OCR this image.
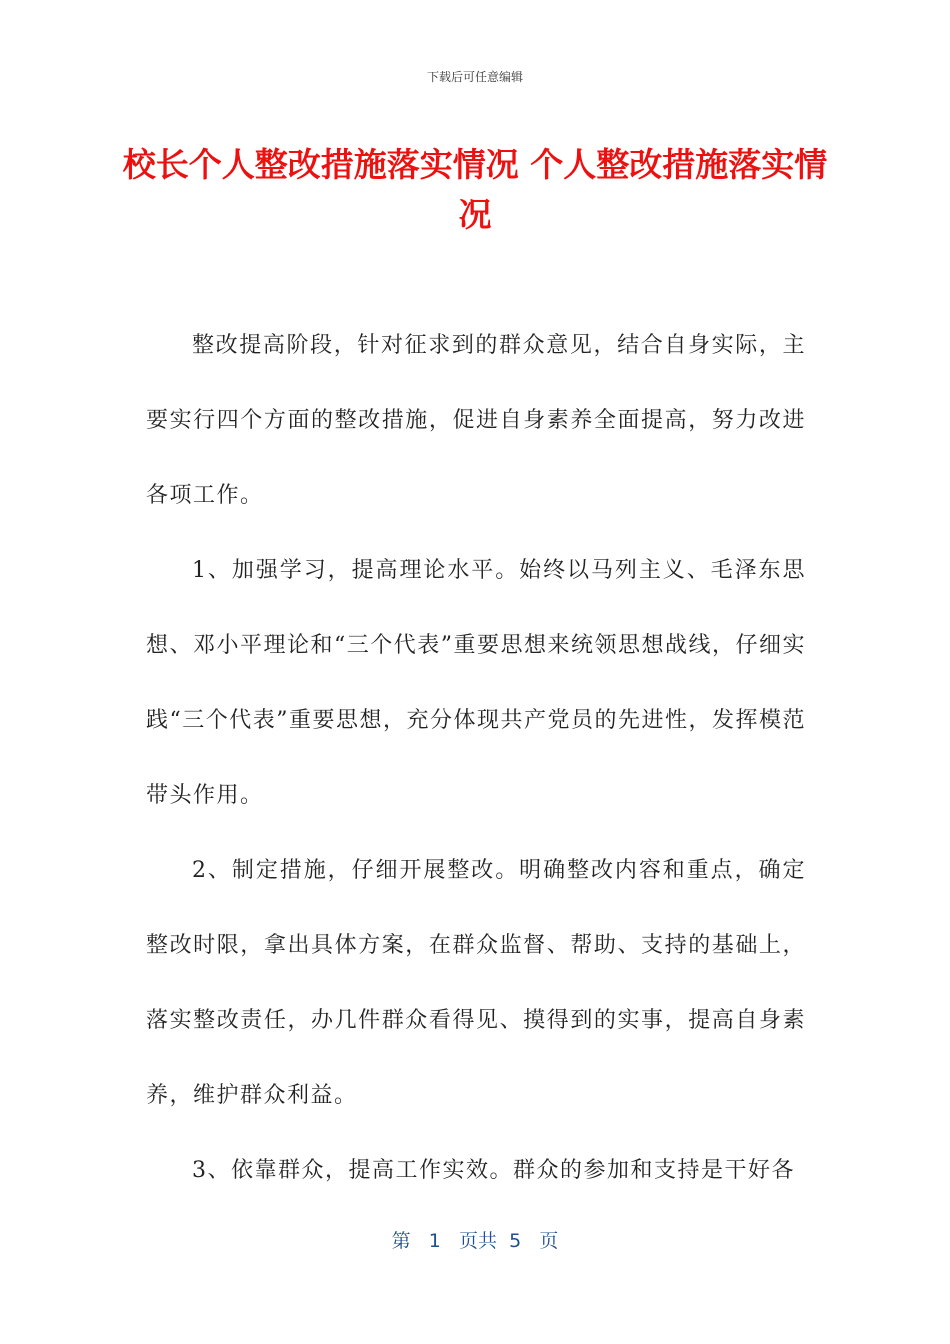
下载后可任意编辑
校长个人整改措施落实情况 个人整改措施落实情况

整改提高阶段，针对征求到的群众意见，结合自身实际，主要实行四个方面的整改措施，促进自身素养全面提高，努力改进各项工作。

1、加强学习，提高理论水平。始终以马列主义、毛泽东思想、邓小平理论和“三个代表”重要思想来统领思想战线，仔细实践“三个代表”重要思想，充分体现共产党员的先进性，发挥模范带头作用。

2、制定措施，仔细开展整改。明确整改内容和重点，确定整改时限，拿出具体方案，在群众监督、帮助、支持的基础上，落实整改责任，办几件群众看得见、摸得到的实事，提高自身素养，维护群众利益。

3、依靠群众，提高工作实效。群众的参加和支持是干好各

第 1 页共 5 页
